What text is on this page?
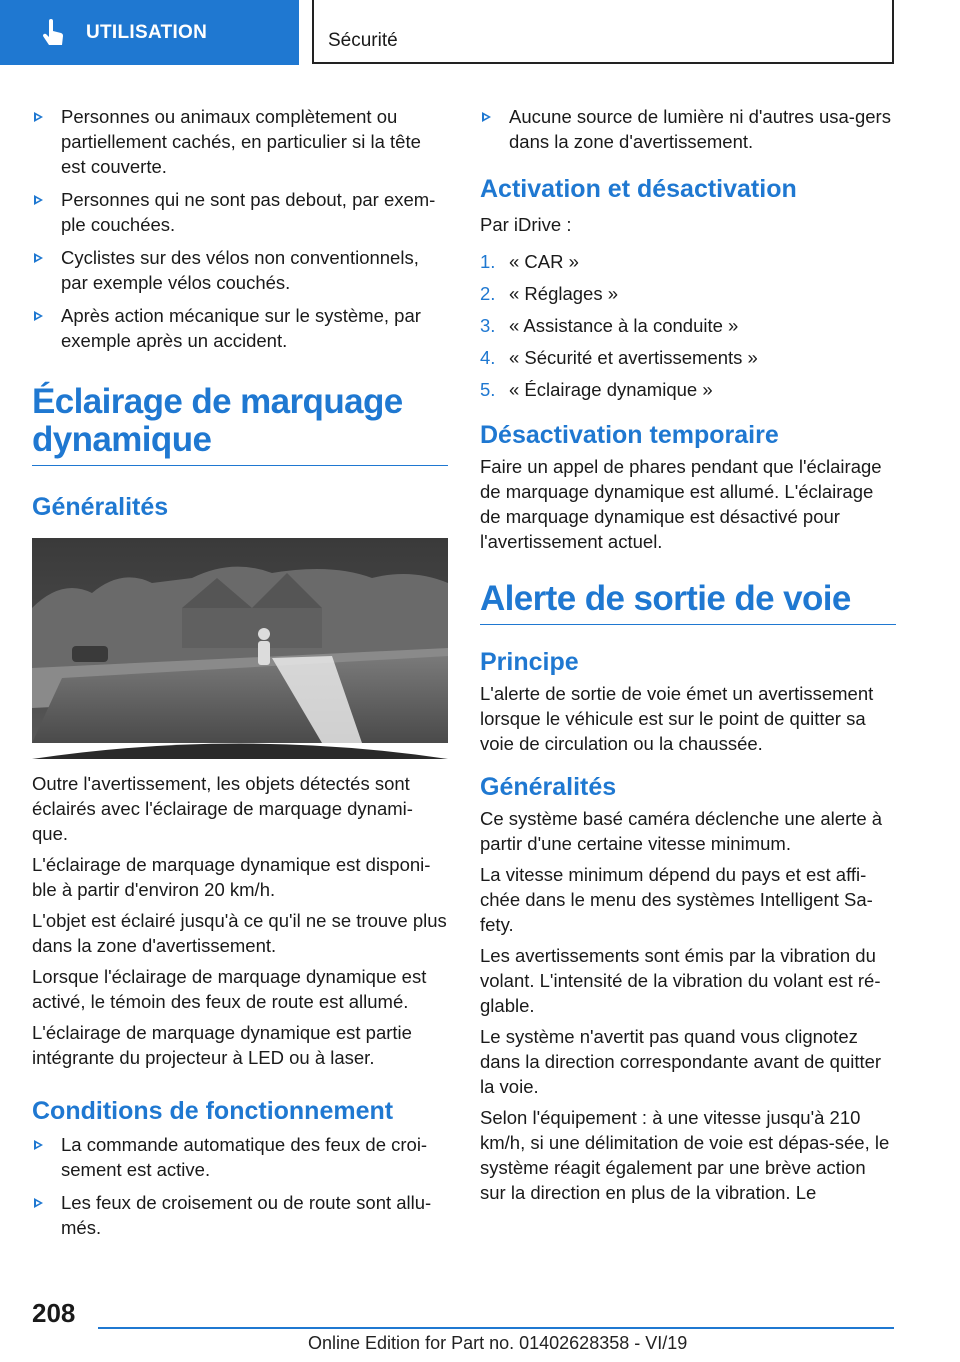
UTILISATION	Sécurité
Personnes ou animaux complètement ou partiellement cachés, en particulier si la tête est couverte.
Personnes qui ne sont pas debout, par exem‐ple couchées.
Cyclistes sur des vélos non conventionnels, par exemple vélos couchés.
Après action mécanique sur le système, par exemple après un accident.
Éclairage de marquage dynamique
Généralités

Outre l'avertissement, les objets détectés sont éclairés avec l'éclairage de marquage dynami‐que.

L'éclairage de marquage dynamique est disponi‐ble à partir d'environ 20 km/h.

L'objet est éclairé jusqu'à ce qu'il ne se trouve plus dans la zone d'avertissement.

Lorsque l'éclairage de marquage dynamique est activé, le témoin des feux de route est allumé.

L'éclairage de marquage dynamique est partie intégrante du projecteur à LED ou à laser.

Conditions de fonctionnement
La commande automatique des feux de croi‐sement est active.
Les feux de croisement ou de route sont allu‐més.
Aucune source de lumière ni d'autres usa‐gers dans la zone d'avertissement.
Activation et désactivation

Par iDrive :

1. « CAR »
2. « Réglages »
3. « Assistance à la conduite »
4. « Sécurité et avertissements »
5. « Éclairage dynamique »
Désactivation temporaire

Faire un appel de phares pendant que l'éclairage de marquage dynamique est allumé. L'éclairage de marquage dynamique est désactivé pour l'avertissement actuel.

Alerte de sortie de voie
Principe

L'alerte de sortie de voie émet un avertissement lorsque le véhicule est sur le point de quitter sa voie de circulation ou la chaussée.

Généralités

Ce système basé caméra déclenche une alerte à partir d'une certaine vitesse minimum.

La vitesse minimum dépend du pays et est affi‐chée dans le menu des systèmes Intelligent Sa‐fety.

Les avertissements sont émis par la vibration du volant. L'intensité de la vibration du volant est ré‐glable.

Le système n'avertit pas quand vous clignotez dans la direction correspondante avant de quitter la voie.

Selon l'équipement : à une vitesse jusqu'à 210 km/h, si une délimitation de voie est dépas‐sée, le système réagit également par une brève action sur la direction en plus de la vibration. Le

208
Online Edition for Part no. 01402628358 - VI/19
